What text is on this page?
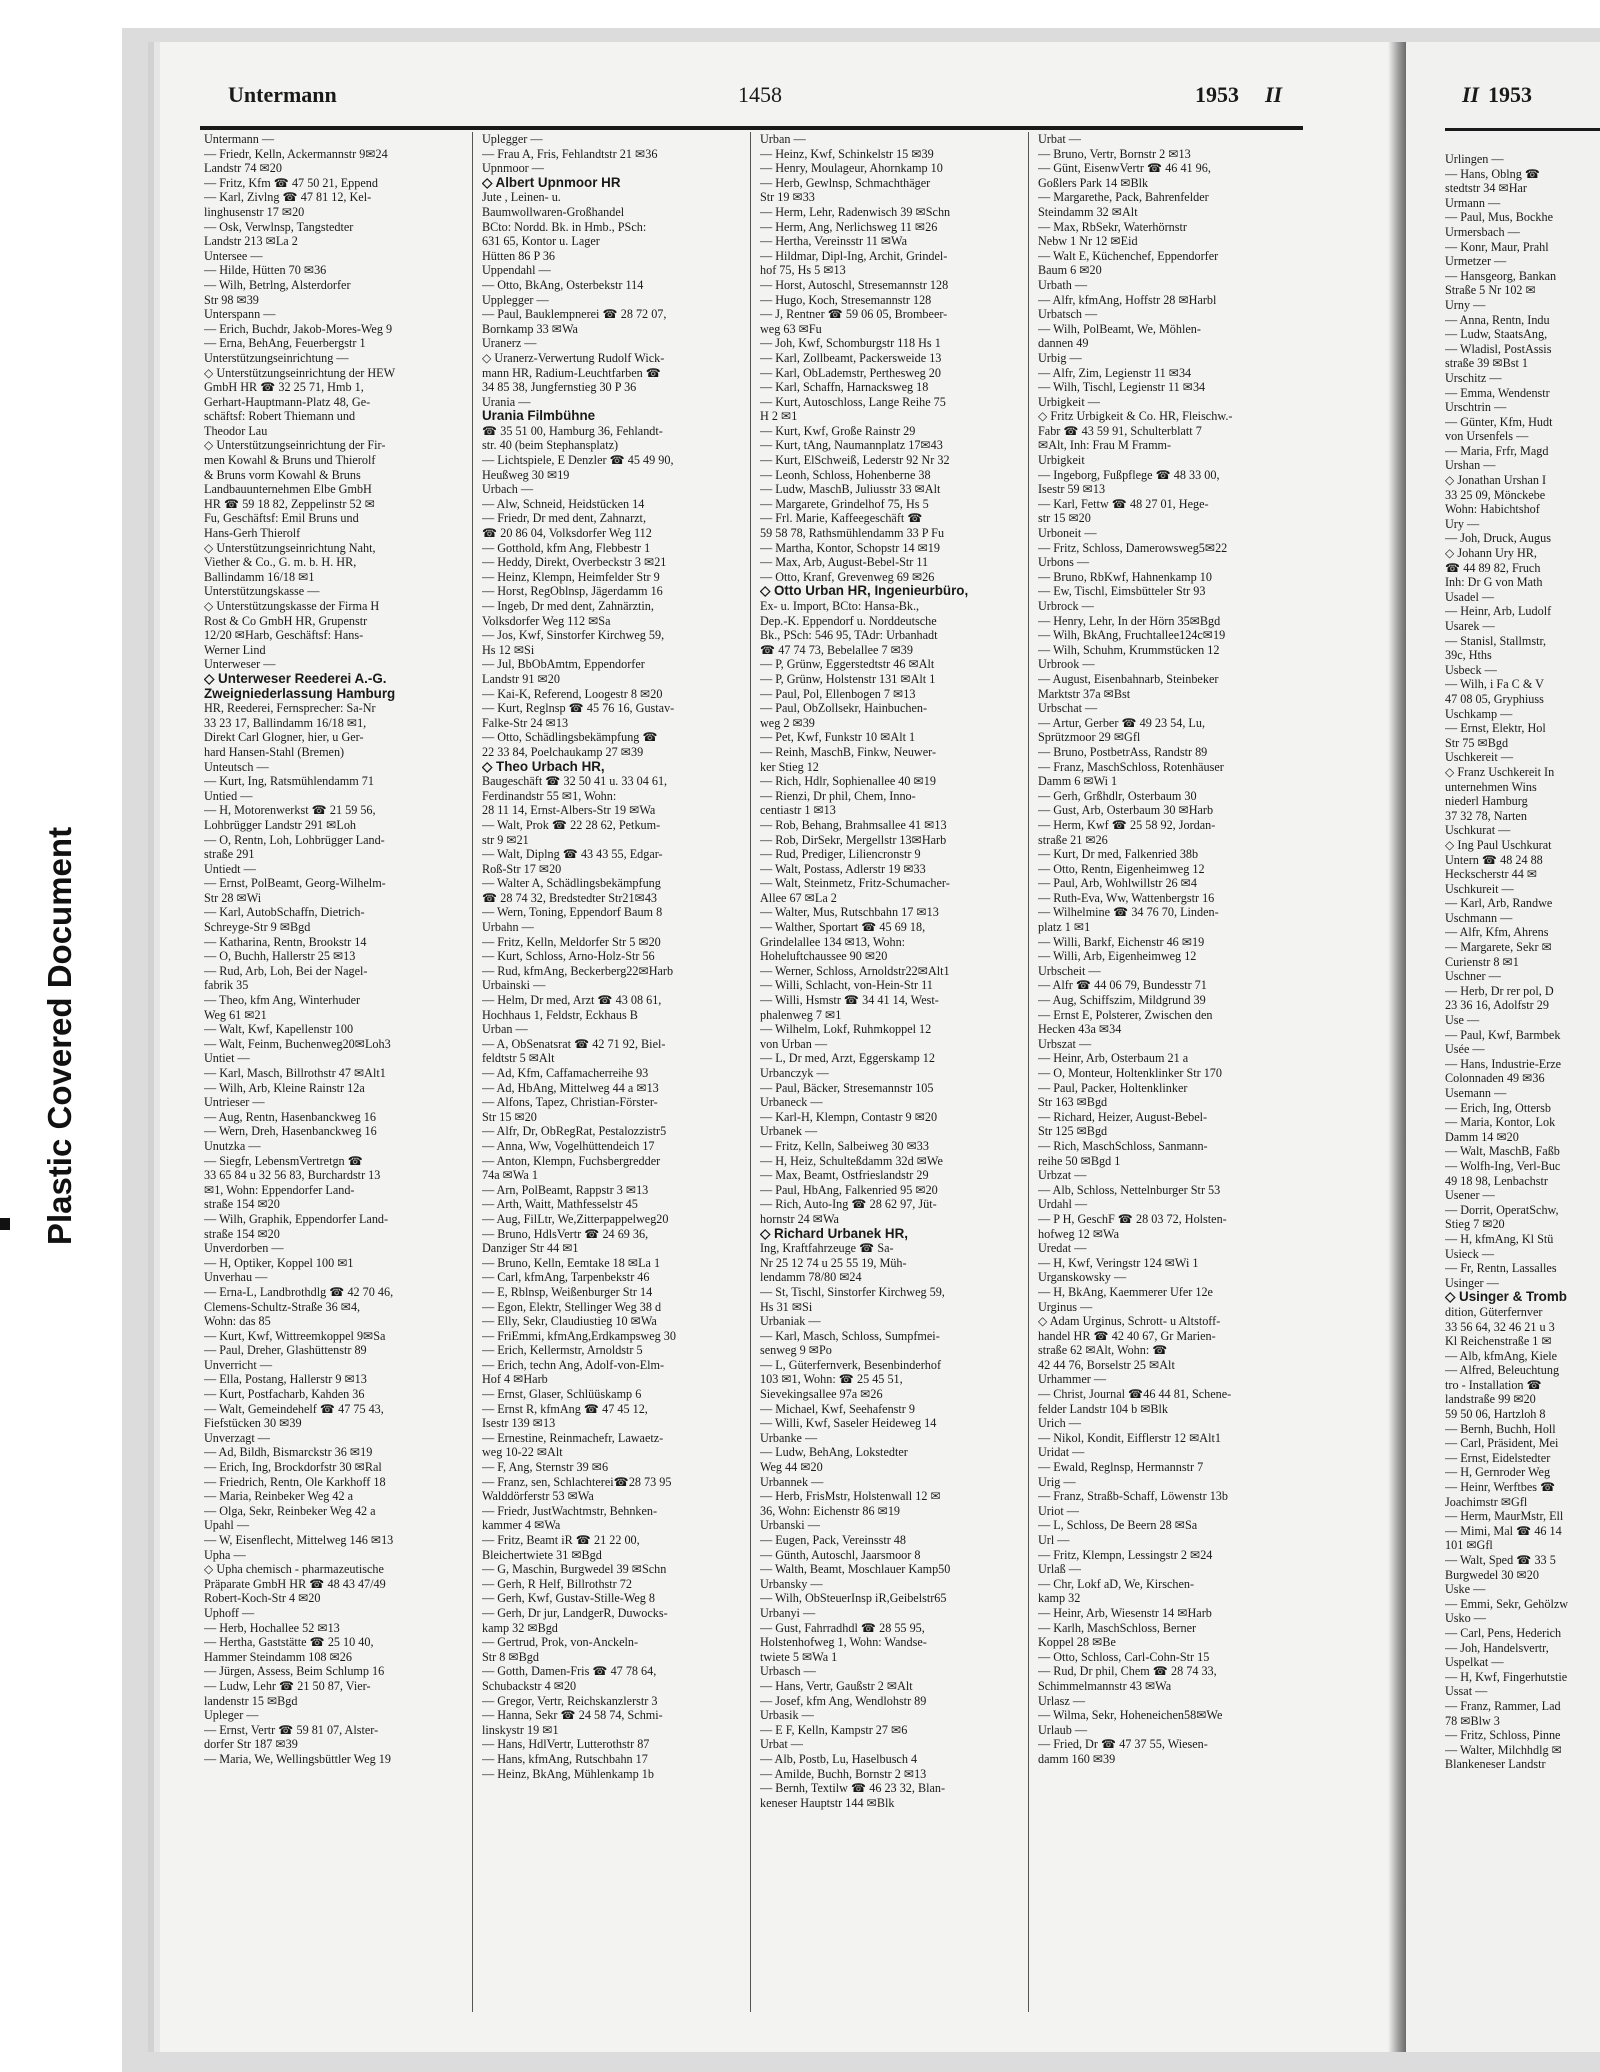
Plastic Covered Document
Untermann	1458	1953 II	II 1953
Untermann —
— Friedr, Kelln, Ackermannstr 9✉24
Landstr 74 ✉20
— Fritz, Kfm ☎ 47 50 21, Eppend
— Karl, Zivlng ☎ 47 81 12, Kel-
linghusenstr 17 ✉20
— Osk, Verwlnsp, Tangstedter
Landstr 213 ✉La 2
Untersee —
— Hilde, Hütten 70 ✉36
— Wilh, Betrlng, Alsterdorfer
Str 98 ✉39
Unterspann —
— Erich, Buchdr, Jakob-Mores-Weg 9
— Erna, BehAng, Feuerbergstr 1
Unterstützungseinrichtung —
◇ Unterstützungseinrichtung der HEW
GmbH HR ☎ 32 25 71, Hmb 1,
Gerhart-Hauptmann-Platz 48, Ge-
schäftsf: Robert Thiemann und
Theodor Lau
◇ Unterstützungseinrichtung der Fir-
men Kowahl & Bruns und Thierolf
& Bruns vorm Kowahl & Bruns
Landbauunternehmen Elbe GmbH
HR ☎ 59 18 82, Zeppelinstr 52 ✉
Fu, Geschäftsf: Emil Bruns und
Hans-Gerh Thierolf
◇ Unterstützungseinrichtung Naht,
Viether & Co., G. m. b. H. HR,
Ballindamm 16/18 ✉1
Unterstützungskasse —
◇ Unterstützungskasse der Firma H
Rost & Co GmbH HR, Grupenstr
12/20 ✉Harb, Geschäftsf: Hans-
Werner Lind
Unterweser —
◇ Unterweser Reederei A.-G.
Zweigniederlassung Hamburg
HR, Reederei, Fernsprecher: Sa-Nr
33 23 17, Ballindamm 16/18 ✉1,
Direkt Carl Glogner, hier, u Ger-
hard Hansen-Stahl (Bremen)
Unteutsch —
— Kurt, Ing, Ratsmühlendamm 71
Untied —
— H, Motorenwerkst ☎ 21 59 56,
Lohbrügger Landstr 291 ✉Loh
— O, Rentn, Loh, Lohbrügger Land-
straße 291
Untiedt —
— Ernst, PolBeamt, Georg-Wilhelm-
Str 28 ✉Wi
— Karl, AutobSchaffn, Dietrich-
Schreyge-Str 9 ✉Bgd
— Katharina, Rentn, Brookstr 14
— O, Buchh, Hallerstr 25 ✉13
— Rud, Arb, Loh, Bei der Nagel-
fabrik 35
— Theo, kfm Ang, Winterhuder
Weg 61 ✉21
— Walt, Kwf, Kapellenstr 100
— Walt, Feinm, Buchenweg20✉Loh3
Untiet —
— Karl, Masch, Billrothstr 47 ✉Alt1
— Wilh, Arb, Kleine Rainstr 12a
Untrieser —
— Aug, Rentn, Hasenbanckweg 16
— Wern, Dreh, Hasenbanckweg 16
Unutzka —
— Siegfr, LebensmVertretgn ☎
33 65 84 u 32 56 83, Burchardstr 13
✉1, Wohn: Eppendorfer Land-
straße 154 ✉20
— Wilh, Graphik, Eppendorfer Land-
straße 154 ✉20
Unverdorben —
— H, Optiker, Koppel 100 ✉1
Unverhau —
— Erna-L, Landbrothdlg ☎ 42 70 46,
Clemens-Schultz-Straße 36 ✉4,
Wohn: das 85
— Kurt, Kwf, Wittreemkoppel 9✉Sa
— Paul, Dreher, Glashüttenstr 89
Unverricht —
— Ella, Postang, Hallerstr 9 ✉13
— Kurt, Postfacharb, Kahden 36
— Walt, Gemeindehelf ☎ 47 75 43,
Fiefstücken 30 ✉39
Unverzagt —
— Ad, Bildh, Bismarckstr 36 ✉19
— Erich, Ing, Brockdorfstr 30 ✉Ral
— Friedrich, Rentn, Ole Karkhoff 18
— Maria, Reinbeker Weg 42 a
— Olga, Sekr, Reinbeker Weg 42 a
Upahl —
— W, Eisenflecht, Mittelweg 146 ✉13
Upha —
◇ Upha chemisch - pharmazeutische
Präparate GmbH HR ☎ 48 43 47/49
Robert-Koch-Str 4 ✉20
Uphoff —
— Herb, Hochallee 52 ✉13
— Hertha, Gaststätte ☎ 25 10 40,
Hammer Steindamm 108 ✉26
— Jürgen, Assess, Beim Schlump 16
— Ludw, Lehr ☎ 21 50 87, Vier-
landenstr 15 ✉Bgd
Upleger —
— Ernst, Vertr ☎ 59 81 07, Alster-
dorfer Str 187 ✉39
— Maria, We, Wellingsbüttler Weg 19
Uplegger —
— Frau A, Fris, Fehlandtstr 21 ✉36
Upnmoor —
◇ Albert Upnmoor HR
Jute , Leinen- u.
Baumwollwaren-Großhandel
BCto: Nordd. Bk. in Hmb., PSch:
631 65, Kontor u. Lager
Hütten 86 P 36
Uppendahl —
— Otto, BkAng, Osterbekstr 114
Upplegger —
— Paul, Bauklempnerei ☎ 28 72 07,
Bornkamp 33 ✉Wa
Uranerz —
◇ Uranerz-Verwertung Rudolf Wick-
mann HR, Radium-Leuchtfarben ☎
34 85 38, Jungfernstieg 30 P 36
Urania —
Urania Filmbühne
☎ 35 51 00, Hamburg 36, Fehlandt-
str. 40 (beim Stephansplatz)
— Lichtspiele, E Denzler ☎ 45 49 90,
Heußweg 30 ✉19
Urbach —
— Alw, Schneid, Heidstücken 14
— Friedr, Dr med dent, Zahnarzt,
☎ 20 86 04, Volksdorfer Weg 112
— Gotthold, kfm Ang, Flebbestr 1
— Heddy, Direkt, Overbeckstr 3 ✉21
— Heinz, Klempn, Heimfelder Str 9
— Horst, RegOblnsp, Jägerdamm 16
— Ingeb, Dr med dent, Zahnärztin,
Volksdorfer Weg 112 ✉Sa
— Jos, Kwf, Sinstorfer Kirchweg 59,
Hs 12 ✉Si
— Jul, BbObAmtm, Eppendorfer
Landstr 91 ✉20
— Kai-K, Referend, Loogestr 8 ✉20
— Kurt, Reglnsp ☎ 45 76 16, Gustav-
Falke-Str 24 ✉13
— Otto, Schädlingsbekämpfung ☎
22 33 84, Poelchaukamp 27 ✉39
◇ Theo Urbach HR,
Baugeschäft ☎ 32 50 41 u. 33 04 61,
Ferdinandstr 55 ✉1, Wohn:
28 11 14, Ernst-Albers-Str 19 ✉Wa
— Walt, Prok ☎ 22 28 62, Petkum-
str 9 ✉21
— Walt, Diplng ☎ 43 43 55, Edgar-
Roß-Str 17 ✉20
— Walter A, Schädlingsbekämpfung
☎ 28 74 32, Bredstedter Str21✉43
— Wern, Toning, Eppendorf Baum 8
Urbahn —
— Fritz, Kelln, Meldorfer Str 5 ✉20
— Kurt, Schloss, Arno-Holz-Str 56
— Rud, kfmAng, Beckerberg22✉Harb
Urbainski —
— Helm, Dr med, Arzt ☎ 43 08 61,
Hochhaus 1, Feldstr, Eckhaus B
Urban —
— A, ObSenatsrat ☎ 42 71 92, Biel-
feldtstr 5 ✉Alt
— Ad, Kfm, Caffamacherreihe 93
— Ad, HbAng, Mittelweg 44 a ✉13
— Alfons, Tapez, Christian-Förster-
Str 15 ✉20
— Alfr, Dr, ObRegRat, Pestalozzistr5
— Anna, Ww, Vogelhüttendeich 17
— Anton, Klempn, Fuchsbergredder
74a ✉Wa 1
— Arn, PolBeamt, Rappstr 3 ✉13
— Arth, Waitt, Mathfesselstr 45
— Aug, FilLtr, We,Zitterpappelweg20
— Bruno, HdlsVertr ☎ 24 69 36,
Danziger Str 44 ✉1
— Bruno, Kelln, Eemtake 18 ✉La 1
— Carl, kfmAng, Tarpenbekstr 46
— E, Rblnsp, Weißenburger Str 14
— Egon, Elektr, Stellinger Weg 38 d
— Elly, Sekr, Claudiustieg 10 ✉Wa
— FriEmmi, kfmAng,Erdkampsweg 30
— Erich, Kellermstr, Arnoldstr 5
— Erich, techn Ang, Adolf-von-Elm-
Hof 4 ✉Harb
— Ernst, Glaser, Schlüüskamp 6
— Ernst R, kfmAng ☎ 47 45 12,
Isestr 139 ✉13
— Ernestine, Reinmachefr, Lawaetz-
weg 10-22 ✉Alt
— F, Ang, Sternstr 39 ✉6
— Franz, sen, Schlachterei☎28 73 95
Walddörferstr 53 ✉Wa
— Friedr, JustWachtmstr, Behnken-
kammer 4 ✉Wa
— Fritz, Beamt iR ☎ 21 22 00,
Bleichertwiete 31 ✉Bgd
— G, Maschin, Burgwedel 39 ✉Schn
— Gerh, R Helf, Billrothstr 72
— Gerh, Kwf, Gustav-Stille-Weg 8
— Gerh, Dr jur, LandgerR, Duwocks-
kamp 32 ✉Bgd
— Gertrud, Prok, von-Anckeln-
Str 8 ✉Bgd
— Gotth, Damen-Fris ☎ 47 78 64,
Schubackstr 4 ✉20
— Gregor, Vertr, Reichskanzlerstr 3
— Hanna, Sekr ☎ 24 58 74, Schmi-
linskystr 19 ✉1
— Hans, HdlVertr, Lutterothstr 87
— Hans, kfmAng, Rutschbahn 17
— Heinz, BkAng, Mühlenkamp 1b
Urban —
— Heinz, Kwf, Schinkelstr 15 ✉39
— Henry, Moulageur, Ahornkamp 10
— Herb, Gewlnsp, Schmachthäger
Str 19 ✉33
— Herm, Lehr, Radenwisch 39 ✉Schn
— Herm, Ang, Nerlichsweg 11 ✉26
— Hertha, Vereinsstr 11 ✉Wa
— Hildmar, Dipl-Ing, Archit, Grindel-
hof 75, Hs 5 ✉13
— Horst, Autoschl, Stresemannstr 128
— Hugo, Koch, Stresemannstr 128
— J, Rentner ☎ 59 06 05, Brombeer-
weg 63 ✉Fu
— Joh, Kwf, Schomburgstr 118 Hs 1
— Karl, Zollbeamt, Packersweide 13
— Karl, ObLademstr, Perthesweg 20
— Karl, Schaffn, Harnacksweg 18
— Kurt, Autoschloss, Lange Reihe 75
H 2 ✉1
— Kurt, Kwf, Große Rainstr 29
— Kurt, tAng, Naumannplatz 17✉43
— Kurt, ElSchweiß, Lederstr 92 Nr 32
— Leonh, Schloss, Hohenberne 38
— Ludw, MaschB, Juliusstr 33 ✉Alt
— Margarete, Grindelhof 75, Hs 5
— Frl. Marie, Kaffeegeschäft ☎
59 58 78, Rathsmühlendamm 33 P Fu
— Martha, Kontor, Schopstr 14 ✉19
— Max, Arb, August-Bebel-Str 11
— Otto, Kranf, Grevenweg 69 ✉26
◇ Otto Urban HR, Ingenieurbüro,
Ex- u. Import, BCto: Hansa-Bk.,
Dep.-K. Eppendorf u. Norddeutsche
Bk., PSch: 546 95, TAdr: Urbanhadt
☎ 47 74 73, Bebelallee 7 ✉39
— P, Grünw, Eggerstedtstr 46 ✉Alt
— P, Grünw, Holstenstr 131 ✉Alt 1
— Paul, Pol, Ellenbogen 7 ✉13
— Paul, ObZollsekr, Hainbuchen-
weg 2 ✉39
— Pet, Kwf, Funkstr 10 ✉Alt 1
— Reinh, MaschB, Finkw, Neuwer-
ker Stieg 12
— Rich, Hdlr, Sophienallee 40 ✉19
— Rienzi, Dr phil, Chem, Inno-
centiastr 1 ✉13
— Rob, Behang, Brahmsallee 41 ✉13
— Rob, DirSekr, Mergellstr 13✉Harb
— Rud, Prediger, Liliencronstr 9
— Walt, Postass, Adlerstr 19 ✉33
— Walt, Steinmetz, Fritz-Schumacher-
Allee 67 ✉La 2
— Walter, Mus, Rutschbahn 17 ✉13
— Walther, Sportart ☎ 45 69 18,
Grindelallee 134 ✉13, Wohn:
Hoheluftchaussee 90 ✉20
— Werner, Schloss, Arnoldstr22✉Alt1
— Willi, Schlacht, von-Hein-Str 11
— Willi, Hsmstr ☎ 34 41 14, West-
phalenweg 7 ✉1
— Wilhelm, Lokf, Ruhmkoppel 12
von Urban —
— L, Dr med, Arzt, Eggerskamp 12
Urbanczyk —
— Paul, Bäcker, Stresemannstr 105
Urbaneck —
— Karl-H, Klempn, Contastr 9 ✉20
Urbanek —
— Fritz, Kelln, Salbeiweg 30 ✉33
— H, Heiz, Schulteßdamm 32d ✉We
— Max, Beamt, Ostfrieslandstr 29
— Paul, HbAng, Falkenried 95 ✉20
— Rich, Auto-Ing ☎ 28 62 97, Jüt-
hornstr 24 ✉Wa
◇ Richard Urbanek HR,
Ing, Kraftfahrzeuge ☎ Sa-
Nr 25 12 74 u 25 55 19, Müh-
lendamm 78/80 ✉24
— St, Tischl, Sinstorfer Kirchweg 59,
Hs 31 ✉Si
Urbaniak —
— Karl, Masch, Schloss, Sumpfmei-
senweg 9 ✉Po
— L, Güterfernverk, Besenbinderhof
103 ✉1, Wohn: ☎ 25 45 51,
Sievekingsallee 97a ✉26
— Michael, Kwf, Seehafenstr 9
— Willi, Kwf, Saseler Heideweg 14
Urbanke —
— Ludw, BehAng, Lokstedter
Weg 44 ✉20
Urbannek —
— Herb, FrisMstr, Holstenwall 12 ✉
36, Wohn: Eichenstr 86 ✉19
Urbanski —
— Eugen, Pack, Vereinsstr 48
— Günth, Autoschl, Jaarsmoor 8
— Walth, Beamt, Moschlauer Kamp50
Urbansky —
— Wilh, ObSteuerInsp iR,Geibelstr65
Urbanyi —
— Gust, Fahrradhdl ☎ 28 55 95,
Holstenhofweg 1, Wohn: Wandse-
twiete 5 ✉Wa 1
Urbasch —
— Hans, Vertr, Gaußstr 2 ✉Alt
— Josef, kfm Ang, Wendlohstr 89
Urbasik —
— E F, Kelln, Kampstr 27 ✉6
Urbat —
— Alb, Postb, Lu, Haselbusch 4
— Amilde, Buchh, Bornstr 2 ✉13
— Bernh, Textilw ☎ 46 23 32, Blan-
keneser Hauptstr 144 ✉Blk
Urbat —
— Bruno, Vertr, Bornstr 2 ✉13
— Günt, EisenwVertr ☎ 46 41 96,
Goßlers Park 14 ✉Blk
— Margarethe, Pack, Bahrenfelder
Steindamm 32 ✉Alt
— Max, RbSekr, Waterhörnstr
Nebw 1 Nr 12 ✉Eid
— Walt E, Küchenchef, Eppendorfer
Baum 6 ✉20
Urbath —
— Alfr, kfmAng, Hoffstr 28 ✉Harbl
Urbatsch —
— Wilh, PolBeamt, We, Möhlen-
dannen 49
Urbig —
— Alfr, Zim, Legienstr 11 ✉34
— Wilh, Tischl, Legienstr 11 ✉34
Urbigkeit —
◇ Fritz Urbigkeit & Co. HR, Fleischw.-
Fabr ☎ 43 59 91, Schulterblatt 7
✉Alt, Inh: Frau M Framm-
Urbigkeit
— Ingeborg, Fußpflege ☎ 48 33 00,
Isestr 59 ✉13
— Karl, Fettw ☎ 48 27 01, Hege-
str 15 ✉20
Urboneit —
— Fritz, Schloss, Damerowsweg5✉22
Urbons —
— Bruno, RbKwf, Hahnenkamp 10
— Ew, Tischl, Eimsbütteler Str 93
Urbrock —
— Henry, Lehr, In der Hörn 35✉Bgd
— Wilh, BkAng, Fruchtallee124c✉19
— Wilh, Schuhm, Krummstücken 12
Urbrook —
— August, Eisenbahnarb, Steinbeker
Marktstr 37a ✉Bst
Urbschat —
— Artur, Gerber ☎ 49 23 54, Lu,
Sprützmoor 29 ✉Gfl
— Bruno, PostbetrAss, Randstr 89
— Franz, MaschSchloss, Rotenhäuser
Damm 6 ✉Wi 1
— Gerh, Grßhdlr, Osterbaum 30
— Gust, Arb, Osterbaum 30 ✉Harb
— Herm, Kwf ☎ 25 58 92, Jordan-
straße 21 ✉26
— Kurt, Dr med, Falkenried 38b
— Otto, Rentn, Eigenheimweg 12
— Paul, Arb, Wohlwillstr 26 ✉4
— Ruth-Eva, Ww, Wattenbergstr 16
— Wilhelmine ☎ 34 76 70, Linden-
platz 1 ✉1
— Willi, Barkf, Eichenstr 46 ✉19
— Willi, Arb, Eigenheimweg 12
Urbscheit —
— Alfr ☎ 44 06 79, Bundesstr 71
— Aug, Schiffszim, Mildgrund 39
— Ernst E, Polsterer, Zwischen den
Hecken 43a ✉34
Urbszat —
— Heinr, Arb, Osterbaum 21 a
— O, Monteur, Holtenklinker Str 170
— Paul, Packer, Holtenklinker
Str 163 ✉Bgd
— Richard, Heizer, August-Bebel-
Str 125 ✉Bgd
— Rich, MaschSchloss, Sanmann-
reihe 50 ✉Bgd 1
Urbzat —
— Alb, Schloss, Nettelnburger Str 53
Urdahl —
— P H, GeschF ☎ 28 03 72, Holsten-
hofweg 12 ✉Wa
Uredat —
— H, Kwf, Veringstr 124 ✉Wi 1
Urganskowsky —
— H, BkAng, Kaemmerer Ufer 12e
Urginus —
◇ Adam Urginus, Schrott- u Altstoff-
handel HR ☎ 42 40 67, Gr Marien-
straße 62 ✉Alt, Wohn: ☎
42 44 76, Borselstr 25 ✉Alt
Urhammer —
— Christ, Journal ☎46 44 81, Schene-
felder Landstr 104 b ✉Blk
Urich —
— Nikol, Kondit, Eifflerstr 12 ✉Alt1
Uridat —
— Ewald, Reglnsp, Hermannstr 7
Urig —
— Franz, Straßb-Schaff, Löwenstr 13b
Uriot —
— L, Schloss, De Beern 28 ✉Sa
Url —
— Fritz, Klempn, Lessingstr 2 ✉24
Urlaß —
— Chr, Lokf aD, We, Kirschen-
kamp 32
— Heinr, Arb, Wiesenstr 14 ✉Harb
— Karlh, MaschSchloss, Berner
Koppel 28 ✉Be
— Otto, Schloss, Carl-Cohn-Str 15
— Rud, Dr phil, Chem ☎ 28 74 33,
Schimmelmannstr 43 ✉Wa
Urlasz —
— Wilma, Sekr, Hoheneichen58✉We
Urlaub —
— Fried, Dr ☎ 47 37 55, Wiesen-
damm 160 ✉39
Urlingen —
— Hans, Oblng ☎
stedtstr 34 ✉Har
Urmann —
— Paul, Mus, Bockhe
Urmersbach —
— Konr, Maur, Prahl
Urmetzer —
— Hansgeorg, Bankan
Straße 5 Nr 102 ✉
Urny —
— Anna, Rentn, Indu
— Ludw, StaatsAng,
— Wladisl, PostAssis
straße 39 ✉Bst 1
Urschitz —
— Emma, Wendenstr
Urschtrin —
— Günter, Kfm, Hudt
von Ursenfels —
— Maria, Frfr, Magd
Urshan —
◇ Jonathan Urshan I
33 25 09, Mönckebe
Wohn: Habichtshof
Ury —
— Joh, Druck, Augus
◇ Johann Ury HR,
☎ 44 89 82, Fruch
Inh: Dr G von Math
Usadel —
— Heinr, Arb, Ludolf
Usarek —
— Stanisl, Stallmstr,
39c, Hths
Usbeck —
— Wilh, i Fa C & V
47 08 05, Gryphiuss
Uschkamp —
— Ernst, Elektr, Hol
Str 75 ✉Bgd
Uschkereit —
◇ Franz Uschkereit In
unternehmen Wins
niederl Hamburg
37 32 78, Narten
Uschkurat —
◇ Ing Paul Uschkurat
Untern ☎ 48 24 88
Heckscherstr 44 ✉
Uschkureit —
— Karl, Arb, Randwe
Uschmann —
— Alfr, Kfm, Ahrens
— Margarete, Sekr ✉
Curienstr 8 ✉1
Uschner —
— Herb, Dr rer pol, D
23 36 16, Adolfstr 29
Use —
— Paul, Kwf, Barmbek
Usée —
— Hans, Industrie-Erze
Colonnaden 49 ✉36
Usemann —
— Erich, Ing, Ottersb
— Maria, Kontor, Lok
Damm 14 ✉20
— Walt, MaschB, Faßb
— Wolfh-Ing, Verl-Buc
49 18 98, Lenbachstr
Usener —
— Dorrit, OperatSchw,
Stieg 7 ✉20
— H, kfmAng, Kl Stü
Usieck —
— Fr, Rentn, Lassalles
Usinger —
◇ Usinger & Tromb
dition, Güterfernver
33 56 64, 32 46 21 u 3
Kl Reichenstraße 1 ✉
— Alb, kfmAng, Kiele
— Alfred, Beleuchtung
tro - Installation ☎
landstraße 99 ✉20
59 50 06, Hartzloh 8
— Bernh, Buchh, Holl
— Carl, Präsident, Mei
— Ernst, Eidelstedter
— H, Gernroder Weg
— Heinr, Werftbes ☎
Joachimstr ✉Gfl
— Herm, MaurMstr, Ell
— Mimi, Mal ☎ 46 14
101 ✉Gfl
— Walt, Sped ☎ 33 5
Burgwedel 30 ✉20
Uske —
— Emmi, Sekr, Gehölzw
Usko —
— Carl, Pens, Hederich
— Joh, Handelsvertr,
Uspelkat —
— H, Kwf, Fingerhutstie
Ussat —
— Franz, Rammer, Lad
78 ✉Blw 3
— Fritz, Schloss, Pinne
— Walter, Milchhdlg ✉
Blankeneser Landstr
